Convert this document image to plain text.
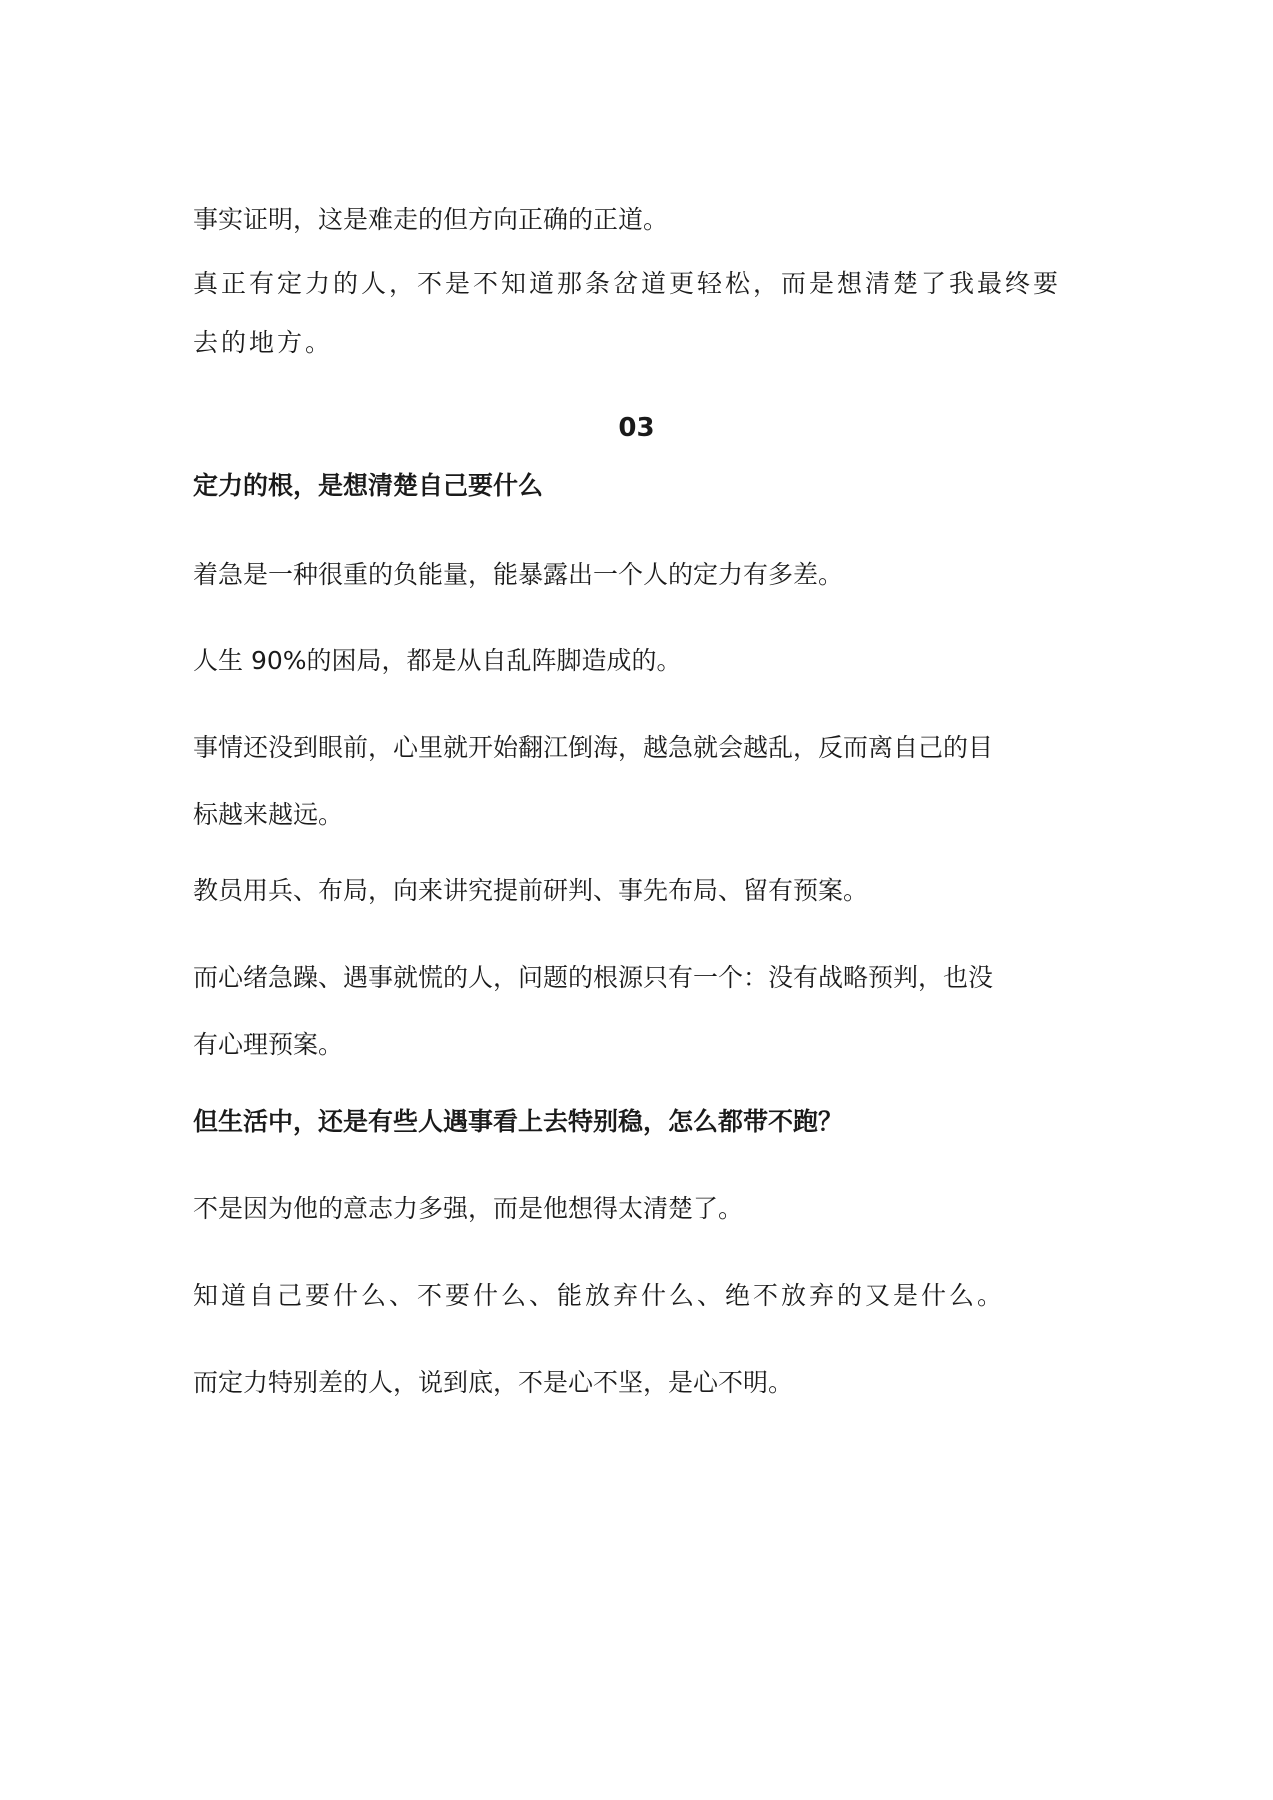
事实证明，这是难走的但方向正确的正道。

真正有定力的人，不是不知道那条岔道更轻松，而是想清楚了我最终要
去的地方。

03

定力的根，是想清楚自己要什么

着急是一种很重的负能量，能暴露出一个人的定力有多差。

人生 90%的困局，都是从自乱阵脚造成的。

事情还没到眼前，心里就开始翻江倒海，越急就会越乱，反而离自己的目
标越来越远。

教员用兵、布局，向来讲究提前研判、事先布局、留有预案。

而心绪急躁、遇事就慌的人，问题的根源只有一个：没有战略预判，也没
有心理预案。

但生活中，还是有些人遇事看上去特别稳，怎么都带不跑？

不是因为他的意志力多强，而是他想得太清楚了。

知道自己要什么、不要什么、能放弃什么、绝不放弃的又是什么。

而定力特别差的人，说到底，不是心不坚，是心不明。
